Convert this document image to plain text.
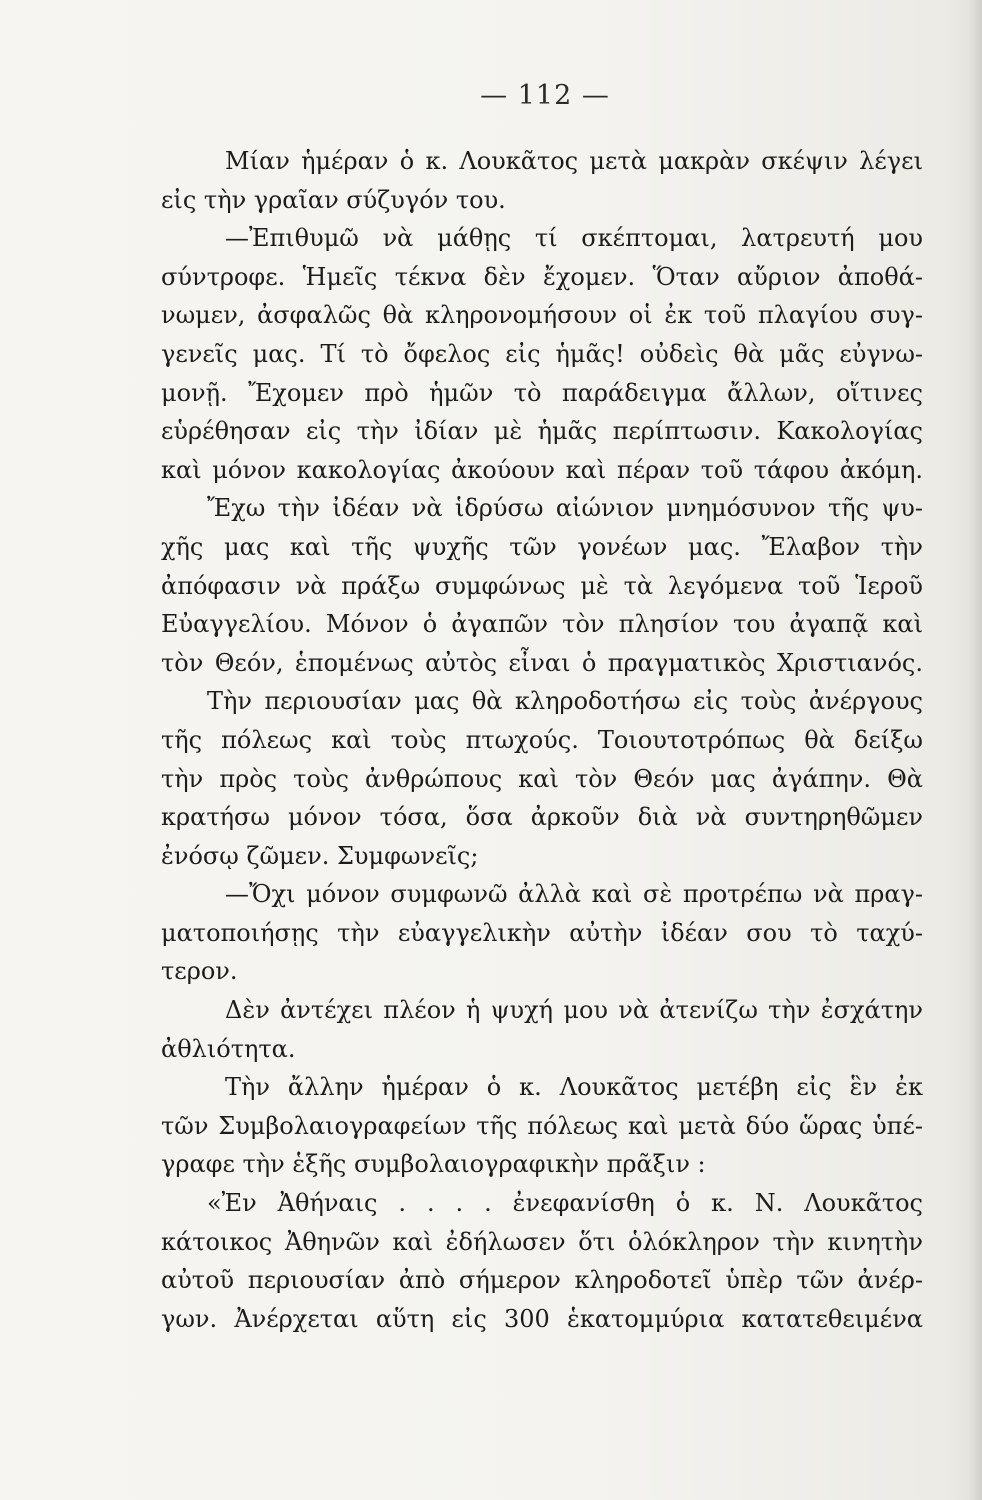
— 112 —
Μίαν ἡμέραν ὁ κ. Λουκᾶτος μετὰ μακρὰν σκέψιν λέγει
εἰς τὴν γραῖαν σύζυγόν του.
—Ἐπιθυμῶ νὰ μάθῃς τί σκέπτομαι, λατρευτή μου
σύντροφε. Ἡμεῖς τέκνα δὲν ἔχομεν. Ὅταν αὔριον ἀποθά-
νωμεν, ἀσφαλῶς θὰ κληρονομήσουν οἱ ἐκ τοῦ πλαγίου συγ-
γενεῖς μας. Τί τὸ ὄφελος εἰς ἡμᾶς! οὐδεὶς θὰ μᾶς εὐγνω-
μονῇ. Ἔχομεν πρὸ ἡμῶν τὸ παράδειγμα ἄλλων, οἵτινες
εὑρέθησαν εἰς τὴν ἰδίαν μὲ ἡμᾶς περίπτωσιν. Κακολογίας
καὶ μόνον κακολογίας ἀκούουν καὶ πέραν τοῦ τάφου ἀκόμη.
Ἔχω τὴν ἰδέαν νὰ ἱδρύσω αἰώνιον μνημόσυνον τῆς ψυ-
χῆς μας καὶ τῆς ψυχῆς τῶν γονέων μας. Ἔλαβον τὴν
ἀπόφασιν νὰ πράξω συμφώνως μὲ τὰ λεγόμενα τοῦ Ἱεροῦ
Εὐαγγελίου. Μόνον ὁ ἀγαπῶν τὸν πλησίον του ἀγαπᾷ καὶ
τὸν Θεόν, ἑπομένως αὐτὸς εἶναι ὁ πραγματικὸς Χριστιανός.
Τὴν περιουσίαν μας θὰ κληροδοτήσω εἰς τοὺς ἀνέργους
τῆς πόλεως καὶ τοὺς πτωχούς. Τοιουτοτρόπως θὰ δείξω
τὴν πρὸς τοὺς ἀνθρώπους καὶ τὸν Θεόν μας ἀγάπην. Θὰ
κρατήσω μόνον τόσα, ὅσα ἀρκοῦν διὰ νὰ συντηρηθῶμεν
ἐνόσῳ ζῶμεν. Συμφωνεῖς;
—Ὄχι μόνον συμφωνῶ ἀλλὰ καὶ σὲ προτρέπω νὰ πραγ-
ματοποιήσῃς τὴν εὐαγγελικὴν αὐτὴν ἰδέαν σου τὸ ταχύ-
τερον.
Δὲν ἀντέχει πλέον ἡ ψυχή μου νὰ ἀτενίζω τὴν ἐσχάτην
ἀθλιότητα.
Τὴν ἄλλην ἡμέραν ὁ κ. Λουκᾶτος μετέβη εἰς ἓν ἐκ
τῶν Συμβολαιογραφείων τῆς πόλεως καὶ μετὰ δύο ὥρας ὑπέ-
γραφε τὴν ἑξῆς συμβολαιογραφικὴν πρᾶξιν :
«Ἐν Ἀθήναις . . . . ἐνεφανίσθη ὁ κ. Ν. Λουκᾶτος
κάτοικος Ἀθηνῶν καὶ ἐδήλωσεν ὅτι ὁλόκληρον τὴν κινητὴν
αὐτοῦ περιουσίαν ἀπὸ σήμερον κληροδοτεῖ ὑπὲρ τῶν ἀνέρ-
γων. Ἀνέρχεται αὕτη εἰς 300 ἑκατομμύρια κατατεθειμένα
